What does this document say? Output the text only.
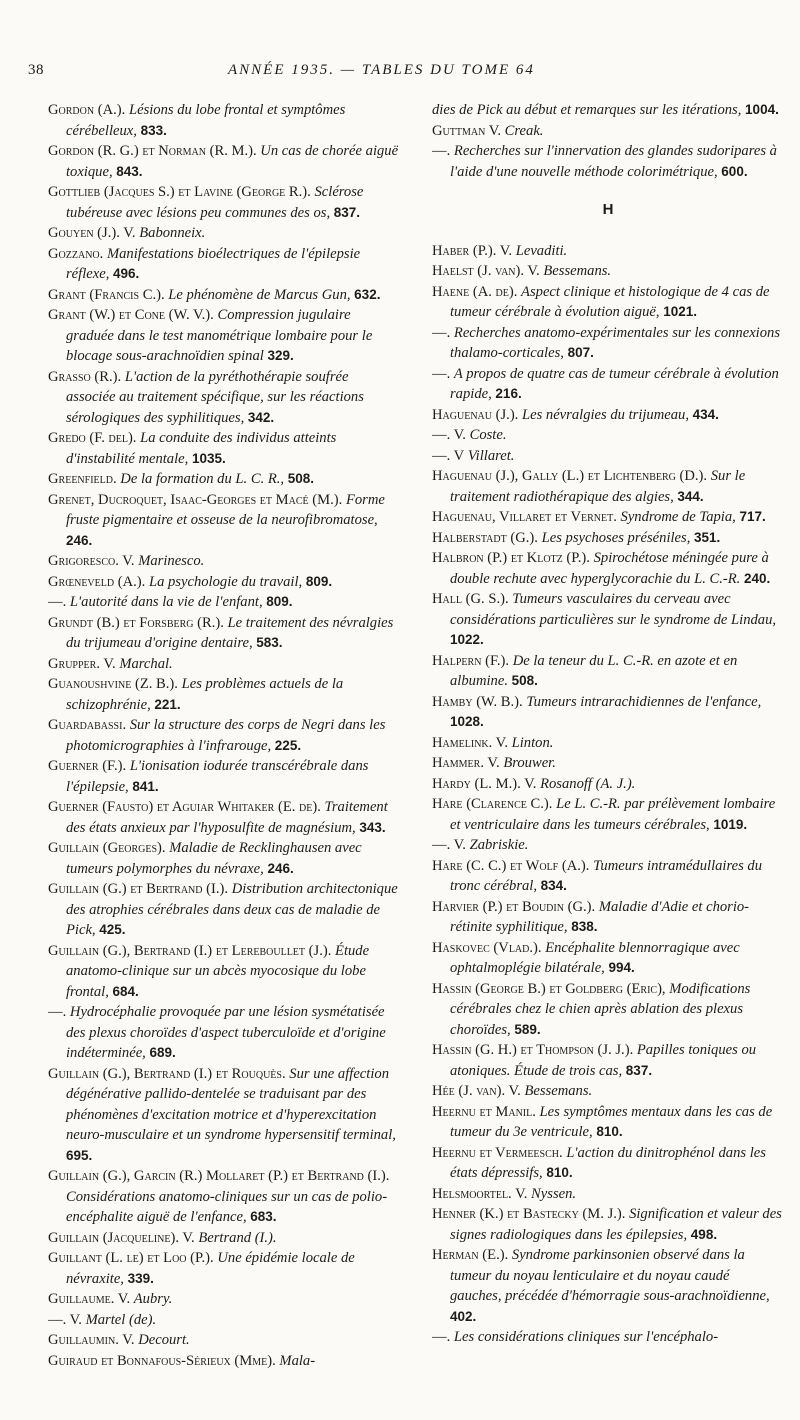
38	ANNÉE 1935. — TABLES DU TOME 64
Gordon (A.). Lésions du lobe frontal et symptômes cérébelleux, 833.
Gordon (R. G.) et Norman (R. M.). Un cas de chorée aiguë toxique, 843.
Gottlieb (Jacques S.) et Lavine (George R.). Sclérose tubéreuse avec lésions peu communes des os, 837.
Gouyen (J.). V. Babonneix.
Gozzano. Manifestations bioélectriques de l'épilepsie réflexe, 496.
Grant (Francis C.). Le phénomène de Marcus Gun, 632.
Grant (W.) et Cone (W. V.). Compression jugulaire graduée dans le test manométrique lombaire pour le blocage sous-arachnoïdien spinal 329.
Grasso (R.). L'action de la pyréthothérapie soufrée associée au traitement spécifique, sur les réactions sérologiques des syphilitiques, 342.
Gredo (F. del). La conduite des individus atteints d'instabilité mentale, 1035.
Greenfield. De la formation du L. C. R., 508.
Grenet, Ducroquet, Isaac-Georges et Macé (M.). Forme fruste pigmentaire et osseuse de la neurofibromatose, 246.
Grigoresco. V. Marinesco.
Grœneveld (A.). La psychologie du travail, 809.
—. L'autorité dans la vie de l'enfant, 809.
Grundt (B.) et Forsberg (R.). Le traitement des névralgies du trijumeau d'origine dentaire, 583.
Grupper. V. Marchal.
Guanoushvine (Z. B.). Les problèmes actuels de la schizophrénie, 221.
Guardabassi. Sur la structure des corps de Negri dans les photomicrographies à l'infrarouge, 225.
Guerner (F.). L'ionisation iodurée transcérébrale dans l'épilepsie, 841.
Guerner (Fausto) et Aguiar Whitaker (E. de). Traitement des états anxieux par l'hyposulfite de magnésium, 343.
Guillain (Georges). Maladie de Recklinghausen avec tumeurs polymorphes du névraxe, 246.
Guillain (G.) et Bertrand (I.). Distribution architectonique des atrophies cérébrales dans deux cas de maladie de Pick, 425.
Guillain (G.), Bertrand (I.) et Lereboullet (J.). Étude anatomo-clinique sur un abcès myocosique du lobe frontal, 684.
—. Hydrocéphalie provoquée par une lésion sysmétatisée des plexus choroïdes d'aspect tuberculoïde et d'origine indéterminée, 689.
Guillain (G.), Bertrand (I.) et Rouquès. Sur une affection dégénérative pallido-dentelée se traduisant par des phénomènes d'excitation motrice et d'hyperexcitation neuro-musculaire et un syndrome hypersensitif terminal, 695.
Guillain (G.), Garcin (R.) Mollaret (P.) et Bertrand (I.). Considérations anatomo-cliniques sur un cas de polio-encéphalite aiguë de l'enfance, 683.
Guillain (Jacqueline). V. Bertrand (I.).
Guillant (L. le) et Loo (P.). Une épidémie locale de névraxite, 339.
Guillaume. V. Aubry.
—. V. Martel (de).
Guillaumin. V. Decourt.
Guiraud et Bonnafous-Sérieux (Mme). Mala-
dies de Pick au début et remarques sur les itérations, 1004.
Guttman V. Creak.
—. Recherches sur l'innervation des glandes sudoripares à l'aide d'une nouvelle méthode colorimétrique, 600.
H
Haber (P.). V. Levaditi.
Haelst (J. van). V. Bessemans.
Haene (A. de). Aspect clinique et histologique de 4 cas de tumeur cérébrale à évolution aiguë, 1021.
—. Recherches anatomo-expérimentales sur les connexions thalamo-corticales, 807.
—. A propos de quatre cas de tumeur cérébrale à évolution rapide, 216.
Haguenau (J.). Les névralgies du trijumeau, 434.
—. V. Coste.
—. V Villaret.
Haguenau (J.), Gally (L.) et Lichtenberg (D.). Sur le traitement radiothérapique des algies, 344.
Haguenau, Villaret et Vernet. Syndrome de Tapia, 717.
Halberstadt (G.). Les psychoses préséniles, 351.
Halbron (P.) et Klotz (P.). Spirochétose méningée pure à double rechute avec hyperglycorachie du L. C.-R. 240.
Hall (G. S.). Tumeurs vasculaires du cerveau avec considérations particulières sur le syndrome de Lindau, 1022.
Halpern (F.). De la teneur du L. C.-R. en azote et en albumine. 508.
Hamby (W. B.). Tumeurs intrarachidiennes de l'enfance, 1028.
Hamelink. V. Linton.
Hammer. V. Brouwer.
Hardy (L. M.). V. Rosanoff (A. J.).
Hare (Clarence C.). Le L. C.-R. par prélèvement lombaire et ventriculaire dans les tumeurs cérébrales, 1019.
—. V. Zabriskie.
Hare (C. C.) et Wolf (A.). Tumeurs intramédullaires du tronc cérébral, 834.
Harvier (P.) et Boudin (G.). Maladie d'Adie et chorio-rétinite syphilitique, 838.
Haskovec (Vlad.). Encéphalite blennorragique avec ophtalmoplégie bilatérale, 994.
Hassin (George B.) et Goldberg (Eric), Modifications cérébrales chez le chien après ablation des plexus choroïdes, 589.
Hassin (G. H.) et Thompson (J. J.). Papilles toniques ou atoniques. Étude de trois cas, 837.
Hée (J. van). V. Bessemans.
Heernu et Manil. Les symptômes mentaux dans les cas de tumeur du 3e ventricule, 810.
Heernu et Vermeesch. L'action du dinitrophénol dans les états dépressifs, 810.
Helsmoortel. V. Nyssen.
Henner (K.) et Bastecky (M. J.). Signification et valeur des signes radiologiques dans les épilepsies, 498.
Herman (E.). Syndrome parkinsonien observé dans la tumeur du noyau lenticulaire et du noyau caudé gauches, précédée d'hémorragie sous-arachnoïdienne, 402.
—. Les considérations cliniques sur l'encéphalo-
